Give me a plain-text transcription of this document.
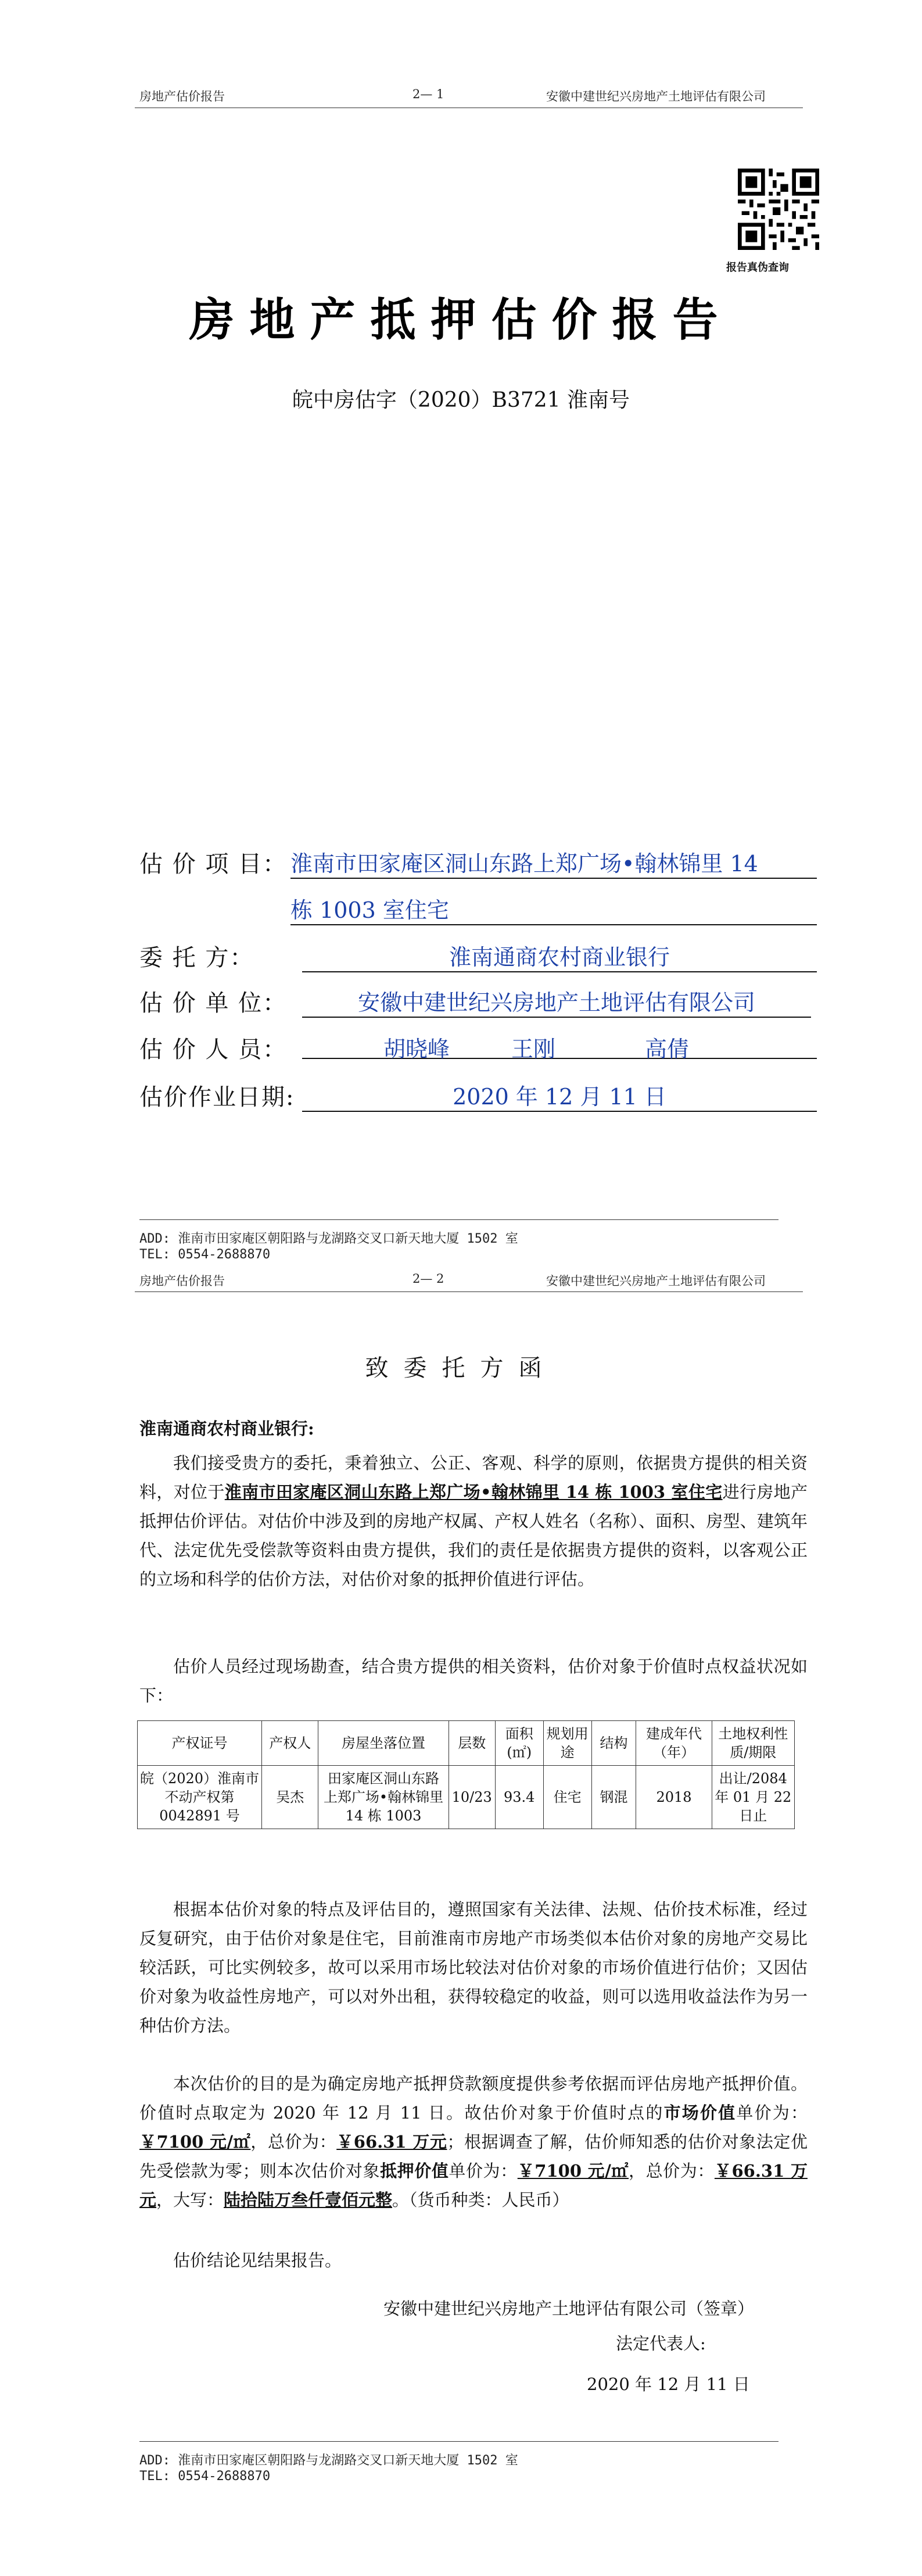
房地产估价报告	2— 1	安徽中建世纪兴房地产土地评估有限公司
报告真伪查询
房地产抵押估价报告
皖中房估字（2020）B3721 淮南号
估 价 项 目： 淮南市田家庵区洞山东路上郑广场•翰林锦里 14
栋 1003 室住宅
委 托 方：	淮南通商农村商业银行
估 价 单 位：	安徽中建世纪兴房地产土地评估有限公司
估 价 人 员：	胡晓峰	王刚	高倩
估价作业日期:	2020 年 12 月 11 日
ADD: 淮南市田家庵区朝阳路与龙湖路交叉口新天地大厦 1502 室
TEL: 0554-2688870
房地产估价报告	2— 2	安徽中建世纪兴房地产土地评估有限公司
致委托方函
淮南通商农村商业银行:
我们接受贵方的委托，秉着独立、公正、客观、科学的原则，依据贵方提供的相关资料，对位于淮南市田家庵区洞山东路上郑广场•翰林锦里 14 栋 1003 室住宅进行房地产抵押估价评估。对估价中涉及到的房地产权属、产权人姓名（名称）、面积、房型、建筑年代、法定优先受偿款等资料由贵方提供，我们的责任是依据贵方提供的资料，以客观公正的立场和科学的估价方法，对估价对象的抵押价值进行评估。
估价人员经过现场勘查，结合贵方提供的相关资料，估价对象于价值时点权益状况如下：
产权证号	产权人	房屋坐落位置	层数	面积(㎡)	规划用途	结构	建成年代（年）	土地权利性质/期限
皖（2020）淮南市不动产权第 0042891 号	吴杰	田家庵区洞山东路上郑广场•翰林锦里 14 栋 1003	10/23	93.4	住宅	钢混	2018	出让/2084 年 01 月 22 日止
根据本估价对象的特点及评估目的，遵照国家有关法律、法规、估价技术标准，经过反复研究，由于估价对象是住宅，目前淮南市房地产市场类似本估价对象的房地产交易比较活跃，可比实例较多，故可以采用市场比较法对估价对象的市场价值进行估价；又因估价对象为收益性房地产，可以对外出租，获得较稳定的收益，则可以选用收益法作为另一种估价方法。
本次估价的目的是为确定房地产抵押贷款额度提供参考依据而评估房地产抵押价值。价值时点取定为 2020 年 12 月 11 日。故估价对象于价值时点的市场价值单价为：￥7100 元/㎡，总价为：￥66.31 万元；根据调查了解，估价师知悉的估价对象法定优先受偿款为零；则本次估价对象抵押价值单价为：￥7100 元/㎡，总价为：￥66.31 万元，大写：陆拾陆万叁仟壹佰元整。（货币种类：人民币）
估价结论见结果报告。
安徽中建世纪兴房地产土地评估有限公司（签章）
法定代表人:
2020 年 12 月 11 日
ADD: 淮南市田家庵区朝阳路与龙湖路交叉口新天地大厦 1502 室
TEL: 0554-2688870
